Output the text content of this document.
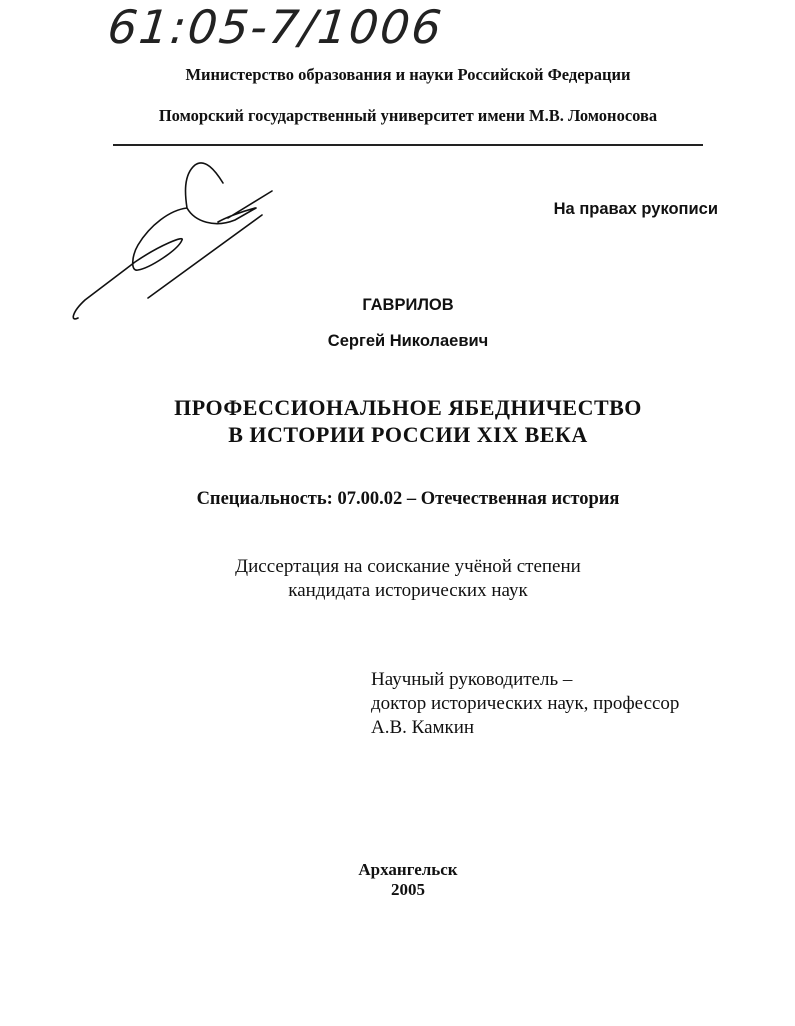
61:05-7/1006
Министерство образования и науки Российской Федерации
Поморский государственный университет имени М.В. Ломоносова
На правах рукописи
ГАВРИЛОВ
Сергей Николаевич
ПРОФЕССИОНАЛЬНОЕ ЯБЕДНИЧЕСТВО
В ИСТОРИИ РОССИИ XIX ВЕКА
Специальность: 07.00.02 – Отечественная история
Диссертация на соискание учёной степени
кандидата исторических наук
Научный руководитель –
доктор исторических наук, профессор
А.В. Камкин
Архангельск
2005
